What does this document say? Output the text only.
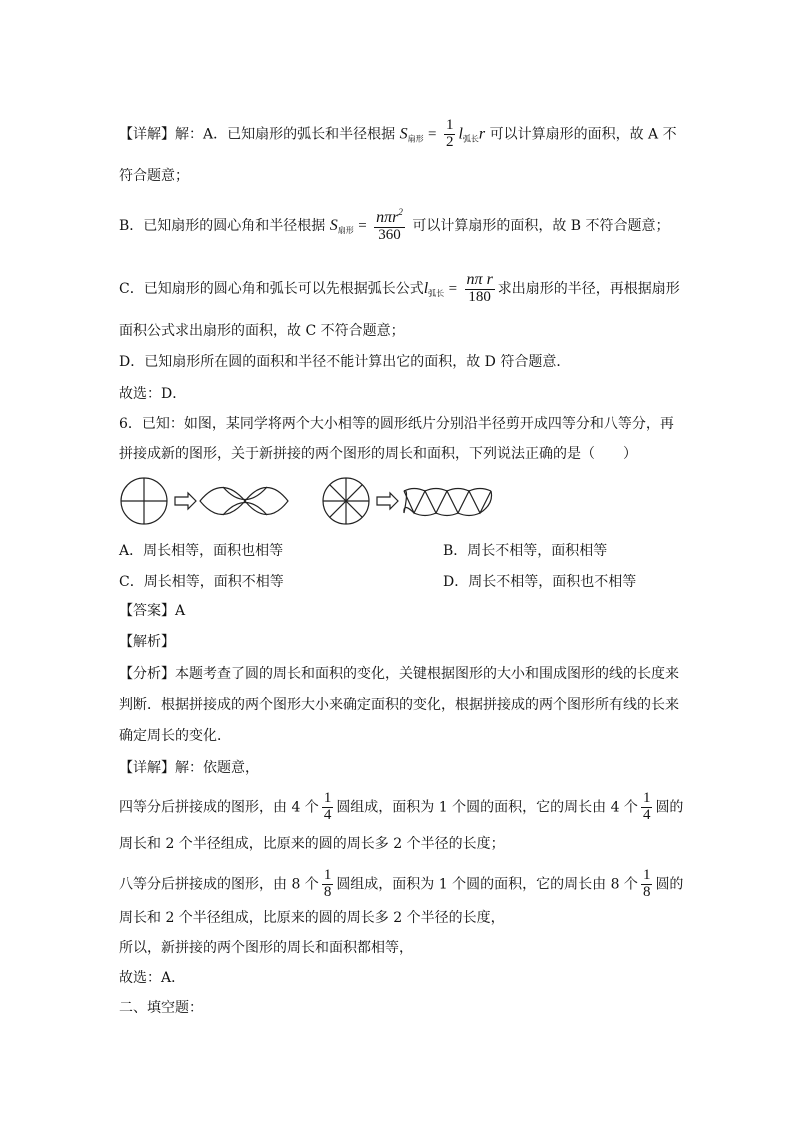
【详解】解：A．已知扇形的弧长和半径根据 $S_{扇形} = \frac{1}{2} l_{弧长}r$ 可以计算扇形的面积，故 A 不
符合题意；
B．已知扇形的圆心角和半径根据 $S_{扇形} = \frac{n\pi r^2}{360}$ 可以计算扇形的面积，故 B 不符合题意；
C．已知扇形的圆心角和弧长可以先根据弧长公式$l_{弧长} = \frac{\text{nπ r}}{180}$ 求出扇形的半径，再根据扇形
面积公式求出扇形的面积，故 C 不符合题意；
D．已知扇形所在圆的面积和半径不能计算出它的面积，故 D 符合题意．
故选：D．
6．已知：如图，某同学将两个大小相等的圆形纸片分别沿半径剪开成四等分和八等分，再
拼接成新的图形，关于新拼接的两个图形的周长和面积，下列说法正确的是（　　）
A．周长相等，面积也相等	B．周长不相等，面积相等
C．周长相等，面积不相等	D．周长不相等，面积也不相等
【答案】A
【解析】
【分析】本题考查了圆的周长和面积的变化，关键根据图形的大小和围成图形的线的长度来
判断．根据拼接成的两个图形大小来确定面积的变化，根据拼接成的两个图形所有线的长来
确定周长的变化．
【详解】解：依题意，
四等分后拼接成的图形，由 4 个 $\frac{1}{4}$ 圆组成，面积为 1 个圆的面积，它的周长由 4 个 $\frac{1}{4}$ 圆的
周长和 2 个半径组成，比原来的圆的周长多 2 个半径的长度；
八等分后拼接成的图形，由 8 个 $\frac{1}{8}$ 圆组成，面积为 1 个圆的面积，它的周长由 8 个 $\frac{1}{8}$ 圆的
周长和 2 个半径组成，比原来的圆的周长多 2 个半径的长度，
所以，新拼接的两个图形的周长和面积都相等，
故选：A．
二、填空题：
